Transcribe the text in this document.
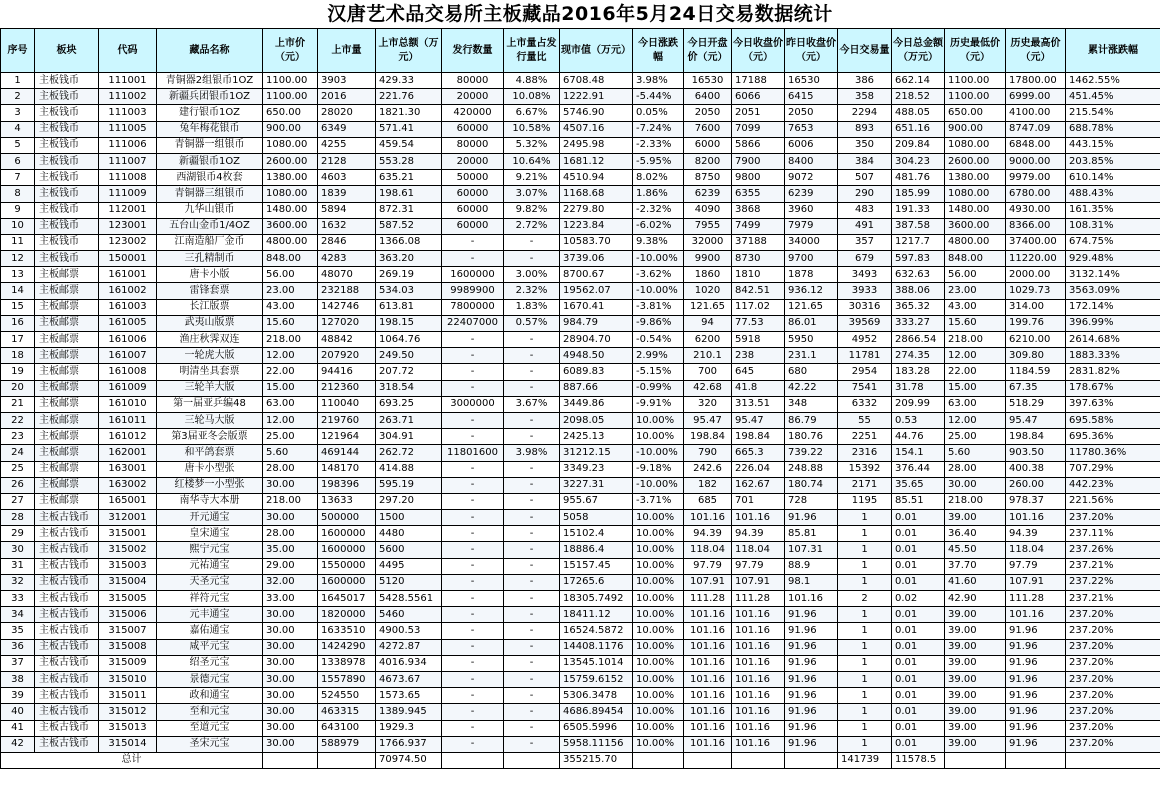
汉唐艺术品交易所主板藏品2016年5月24日交易数据统计
序号	板块	代码	藏品名称	上市价（元）	上市量	上市总额（万元）	发行数量	上市量占发行量比	现市值（万元）	今日涨跌幅	今日开盘价（元）	今日收盘价（元）	昨日收盘价（元）	今日交易量	今日总金额（万元）	历史最低价（元）	历史最高价（元）	累计涨跌幅
1	主板钱币	111001	青铜器2组银币1OZ	1100.00	3903	429.33	80000	4.88%	6708.48	3.98%	16530	17188	16530	386	662.14	1100.00	17800.00	1462.55%
2	主板钱币	111002	新疆兵团银币1OZ	1100.00	2016	221.76	20000	10.08%	1222.91	-5.44%	6400	6066	6415	358	218.52	1100.00	6999.00	451.45%
3	主板钱币	111003	建行银币1OZ	650.00	28020	1821.30	420000	6.67%	5746.90	0.05%	2050	2051	2050	2294	488.05	650.00	4100.00	215.54%
4	主板钱币	111005	兔年梅花银币	900.00	6349	571.41	60000	10.58%	4507.16	-7.24%	7600	7099	7653	893	651.16	900.00	8747.09	688.78%
5	主板钱币	111006	青铜器一组银币	1080.00	4255	459.54	80000	5.32%	2495.98	-2.33%	6000	5866	6006	350	209.84	1080.00	6848.00	443.15%
6	主板钱币	111007	新疆银币1OZ	2600.00	2128	553.28	20000	10.64%	1681.12	-5.95%	8200	7900	8400	384	304.23	2600.00	9000.00	203.85%
7	主板钱币	111008	西湖银币4枚套	1380.00	4603	635.21	50000	9.21%	4510.94	8.02%	8750	9800	9072	507	481.76	1380.00	9979.00	610.14%
8	主板钱币	111009	青铜器三组银币	1080.00	1839	198.61	60000	3.07%	1168.68	1.86%	6239	6355	6239	290	185.99	1080.00	6780.00	488.43%
9	主板钱币	112001	九华山银币	1480.00	5894	872.31	60000	9.82%	2279.80	-2.32%	4090	3868	3960	483	191.33	1480.00	4930.00	161.35%
10	主板钱币	123001	五台山金币1/4OZ	3600.00	1632	587.52	60000	2.72%	1223.84	-6.02%	7955	7499	7979	491	387.58	3600.00	8366.00	108.31%
11	主板钱币	123002	江南造船厂金币	4800.00	2846	1366.08	-	-	10583.70	9.38%	32000	37188	34000	357	1217.7	4800.00	37400.00	674.75%
12	主板钱币	150001	三孔精制币	848.00	4283	363.20	-	-	3739.06	-10.00%	9900	8730	9700	679	597.83	848.00	11220.00	929.48%
13	主板邮票	161001	唐卡小版	56.00	48070	269.19	1600000	3.00%	8700.67	-3.62%	1860	1810	1878	3493	632.63	56.00	2000.00	3132.14%
14	主板邮票	161002	雷锋套票	23.00	232188	534.03	9989900	2.32%	19562.07	-10.00%	1020	842.51	936.12	3933	388.06	23.00	1029.73	3563.09%
15	主板邮票	161003	长江版票	43.00	142746	613.81	7800000	1.83%	1670.41	-3.81%	121.65	117.02	121.65	30316	365.32	43.00	314.00	172.14%
16	主板邮票	161005	武夷山版票	15.60	127020	198.15	22407000	0.57%	984.79	-9.86%	94	77.53	86.01	39569	333.27	15.60	199.76	396.99%
17	主板邮票	161006	渔庄秋霁双连	218.00	48842	1064.76	-	-	28904.70	-0.54%	6200	5918	5950	4952	2866.54	218.00	6210.00	2614.68%
18	主板邮票	161007	一轮虎大版	12.00	207920	249.50	-	-	4948.50	2.99%	210.1	238	231.1	11781	274.35	12.00	309.80	1883.33%
19	主板邮票	161008	明清坐具套票	22.00	94416	207.72	-	-	6089.83	-5.15%	700	645	680	2954	183.28	22.00	1184.59	2831.82%
20	主板邮票	161009	三轮羊大版	15.00	212360	318.54	-	-	887.66	-0.99%	42.68	41.8	42.22	7541	31.78	15.00	67.35	178.67%
21	主板邮票	161010	第一届亚乒编48	63.00	110040	693.25	3000000	3.67%	3449.86	-9.91%	320	313.51	348	6332	209.99	63.00	518.29	397.63%
22	主板邮票	161011	三轮马大版	12.00	219760	263.71	-	-	2098.05	10.00%	95.47	95.47	86.79	55	0.53	12.00	95.47	695.58%
23	主板邮票	161012	第3届亚冬会版票	25.00	121964	304.91	-	-	2425.13	10.00%	198.84	198.84	180.76	2251	44.76	25.00	198.84	695.36%
24	主板邮票	162001	和平鸽套票	5.60	469144	262.72	11801600	3.98%	31212.15	-10.00%	790	665.3	739.22	2316	154.1	5.60	903.50	11780.36%
25	主板邮票	163001	唐卡小型张	28.00	148170	414.88	-	-	3349.23	-9.18%	242.6	226.04	248.88	15392	376.44	28.00	400.38	707.29%
26	主板邮票	163002	红楼梦一小型张	30.00	198396	595.19	-	-	3227.31	-10.00%	182	162.67	180.74	2171	35.65	30.00	260.00	442.23%
27	主板邮票	165001	南华寺大本册	218.00	13633	297.20	-	-	955.67	-3.71%	685	701	728	1195	85.51	218.00	978.37	221.56%
28	主板古钱币	312001	开元通宝	30.00	500000	1500	-	-	5058	10.00%	101.16	101.16	91.96	1	0.01	39.00	101.16	237.20%
29	主板古钱币	315001	皇宋通宝	28.00	1600000	4480	-	-	15102.4	10.00%	94.39	94.39	85.81	1	0.01	36.40	94.39	237.11%
30	主板古钱币	315002	熙宁元宝	35.00	1600000	5600	-	-	18886.4	10.00%	118.04	118.04	107.31	1	0.01	45.50	118.04	237.26%
31	主板古钱币	315003	元祐通宝	29.00	1550000	4495	-	-	15157.45	10.00%	97.79	97.79	88.9	1	0.01	37.70	97.79	237.21%
32	主板古钱币	315004	天圣元宝	32.00	1600000	5120	-	-	17265.6	10.00%	107.91	107.91	98.1	1	0.01	41.60	107.91	237.22%
33	主板古钱币	315005	祥符元宝	33.00	1645017	5428.5561	-	-	18305.7492	10.00%	111.28	111.28	101.16	2	0.02	42.90	111.28	237.21%
34	主板古钱币	315006	元丰通宝	30.00	1820000	5460	-	-	18411.12	10.00%	101.16	101.16	91.96	1	0.01	39.00	101.16	237.20%
35	主板古钱币	315007	嘉佑通宝	30.00	1633510	4900.53	-	-	16524.5872	10.00%	101.16	101.16	91.96	1	0.01	39.00	91.96	237.20%
36	主板古钱币	315008	咸平元宝	30.00	1424290	4272.87	-	-	14408.1176	10.00%	101.16	101.16	91.96	1	0.01	39.00	91.96	237.20%
37	主板古钱币	315009	绍圣元宝	30.00	1338978	4016.934	-	-	13545.1014	10.00%	101.16	101.16	91.96	1	0.01	39.00	91.96	237.20%
38	主板古钱币	315010	景德元宝	30.00	1557890	4673.67	-	-	15759.6152	10.00%	101.16	101.16	91.96	1	0.01	39.00	91.96	237.20%
39	主板古钱币	315011	政和通宝	30.00	524550	1573.65	-	-	5306.3478	10.00%	101.16	101.16	91.96	1	0.01	39.00	91.96	237.20%
40	主板古钱币	315012	至和元宝	30.00	463315	1389.945	-	-	4686.89454	10.00%	101.16	101.16	91.96	1	0.01	39.00	91.96	237.20%
41	主板古钱币	315013	至道元宝	30.00	643100	1929.3	-	-	6505.5996	10.00%	101.16	101.16	91.96	1	0.01	39.00	91.96	237.20%
42	主板古钱币	315014	圣宋元宝	30.00	588979	1766.937	-	-	5958.11156	10.00%	101.16	101.16	91.96	1	0.01	39.00	91.96	237.20%
总计						70974.50			355215.70					141739	11578.5			
